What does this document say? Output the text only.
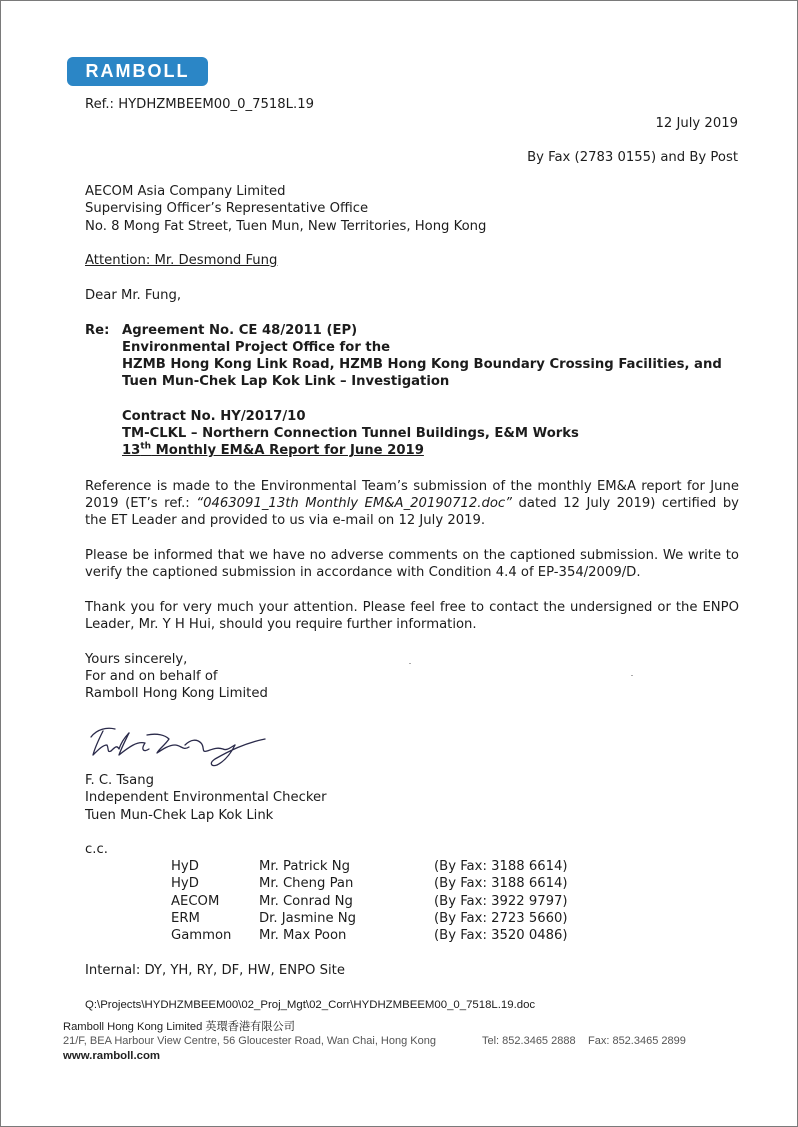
RAMBOLL
Ref.: HYDHZMBEEM00_0_7518L.19
12 July 2019
By Fax (2783 0155) and By Post
AECOM Asia Company Limited
Supervising Officer’s Representative Office
No. 8 Mong Fat Street, Tuen Mun, New Territories, Hong Kong
Attention: Mr. Desmond Fung
Dear Mr. Fung,
Re: Agreement No. CE 48/2011 (EP)
Environmental Project Office for the
HZMB Hong Kong Link Road, HZMB Hong Kong Boundary Crossing Facilities, and
Tuen Mun-Chek Lap Kok Link – Investigation
Contract No. HY/2017/10
TM-CLKL – Northern Connection Tunnel Buildings, E&M Works
13th Monthly EM&A Report for June 2019
Reference is made to the Environmental Team’s submission of the monthly EM&A report for June 2019 (ET’s ref.: “0463091_13th Monthly EM&A_20190712.doc” dated 12 July 2019) certified by the ET Leader and provided to us via e-mail on 12 July 2019.
Please be informed that we have no adverse comments on the captioned submission. We write to verify the captioned submission in accordance with Condition 4.4 of EP-354/2009/D.
Thank you for very much your attention. Please feel free to contact the undersigned or the ENPO Leader, Mr. Y H Hui, should you require further information.
Yours sincerely,
For and on behalf of
Ramboll Hong Kong Limited
F. C. Tsang
Independent Environmental Checker
Tuen Mun-Chek Lap Kok Link
c.c.
HyD	Mr. Patrick Ng	(By Fax: 3188 6614)
HyD	Mr. Cheng Pan	(By Fax: 3188 6614)
AECOM	Mr. Conrad Ng	(By Fax: 3922 9797)
ERM	Dr. Jasmine Ng	(By Fax: 2723 5660)
Gammon	Mr. Max Poon	(By Fax: 3520 0486)
Internal: DY, YH, RY, DF, HW, ENPO Site
Q:\Projects\HYDHZMBEEM00\02_Proj_Mgt\02_Corr\HYDHZMBEEM00_0_7518L.19.doc
Ramboll Hong Kong Limited 英環香港有限公司
21/F, BEA Harbour View Centre, 56 Gloucester Road, Wan Chai, Hong Kong	Tel: 852.3465 2888 Fax: 852.3465 2899
www.ramboll.com
